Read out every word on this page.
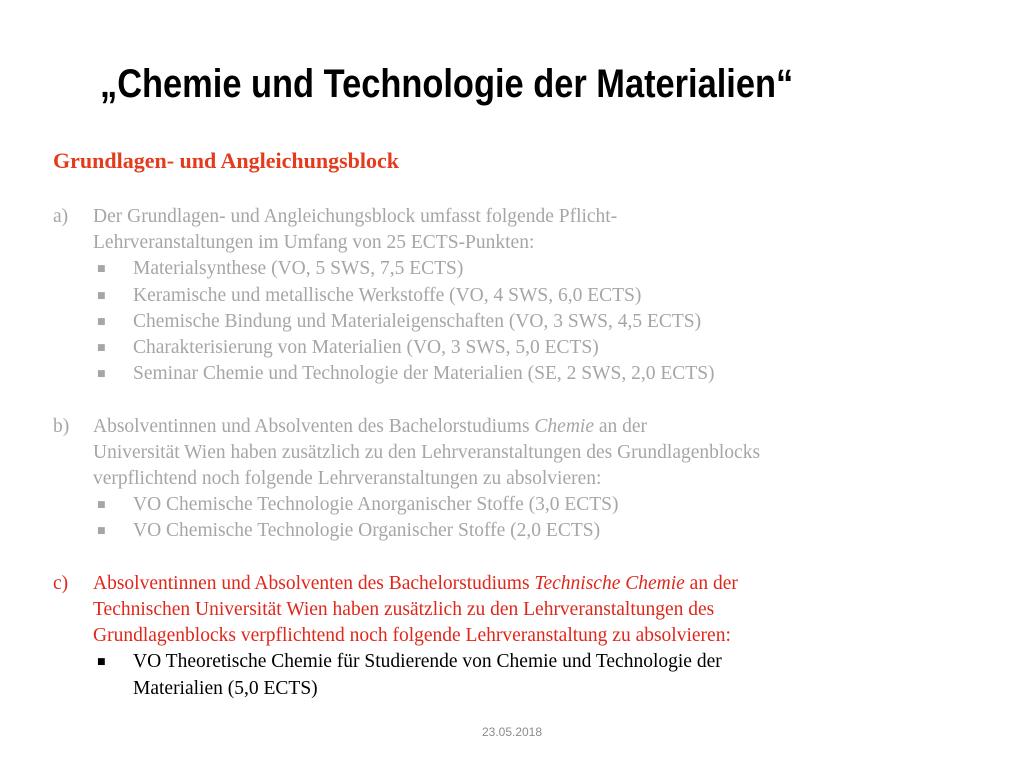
„Chemie und Technologie der Materialien“
Grundlagen- und Angleichungsblock
a) Der Grundlagen- und Angleichungsblock umfasst folgende Pflicht-
Lehrveranstaltungen im Umfang von 25 ECTS-Punkten:
■ Materialsynthese (VO, 5 SWS, 7,5 ECTS)
■ Keramische und metallische Werkstoffe (VO, 4 SWS, 6,0 ECTS)
■ Chemische Bindung und Materialeigenschaften (VO, 3 SWS, 4,5 ECTS)
■ Charakterisierung von Materialien (VO, 3 SWS, 5,0 ECTS)
■ Seminar Chemie und Technologie der Materialien (SE, 2 SWS, 2,0 ECTS)
b) Absolventinnen und Absolventen des Bachelorstudiums Chemie an der
Universität Wien haben zusätzlich zu den Lehrveranstaltungen des Grundlagenblocks
verpflichtend noch folgende Lehrveranstaltungen zu absolvieren:
■ VO Chemische Technologie Anorganischer Stoffe (3,0 ECTS)
■ VO Chemische Technologie Organischer Stoffe (2,0 ECTS)
c) Absolventinnen und Absolventen des Bachelorstudiums Technische Chemie an der
Technischen Universität Wien haben zusätzlich zu den Lehrveranstaltungen des
Grundlagenblocks verpflichtend noch folgende Lehrveranstaltung zu absolvieren:
■ VO Theoretische Chemie für Studierende von Chemie und Technologie der
Materialien (5,0 ECTS)
23.05.2018
